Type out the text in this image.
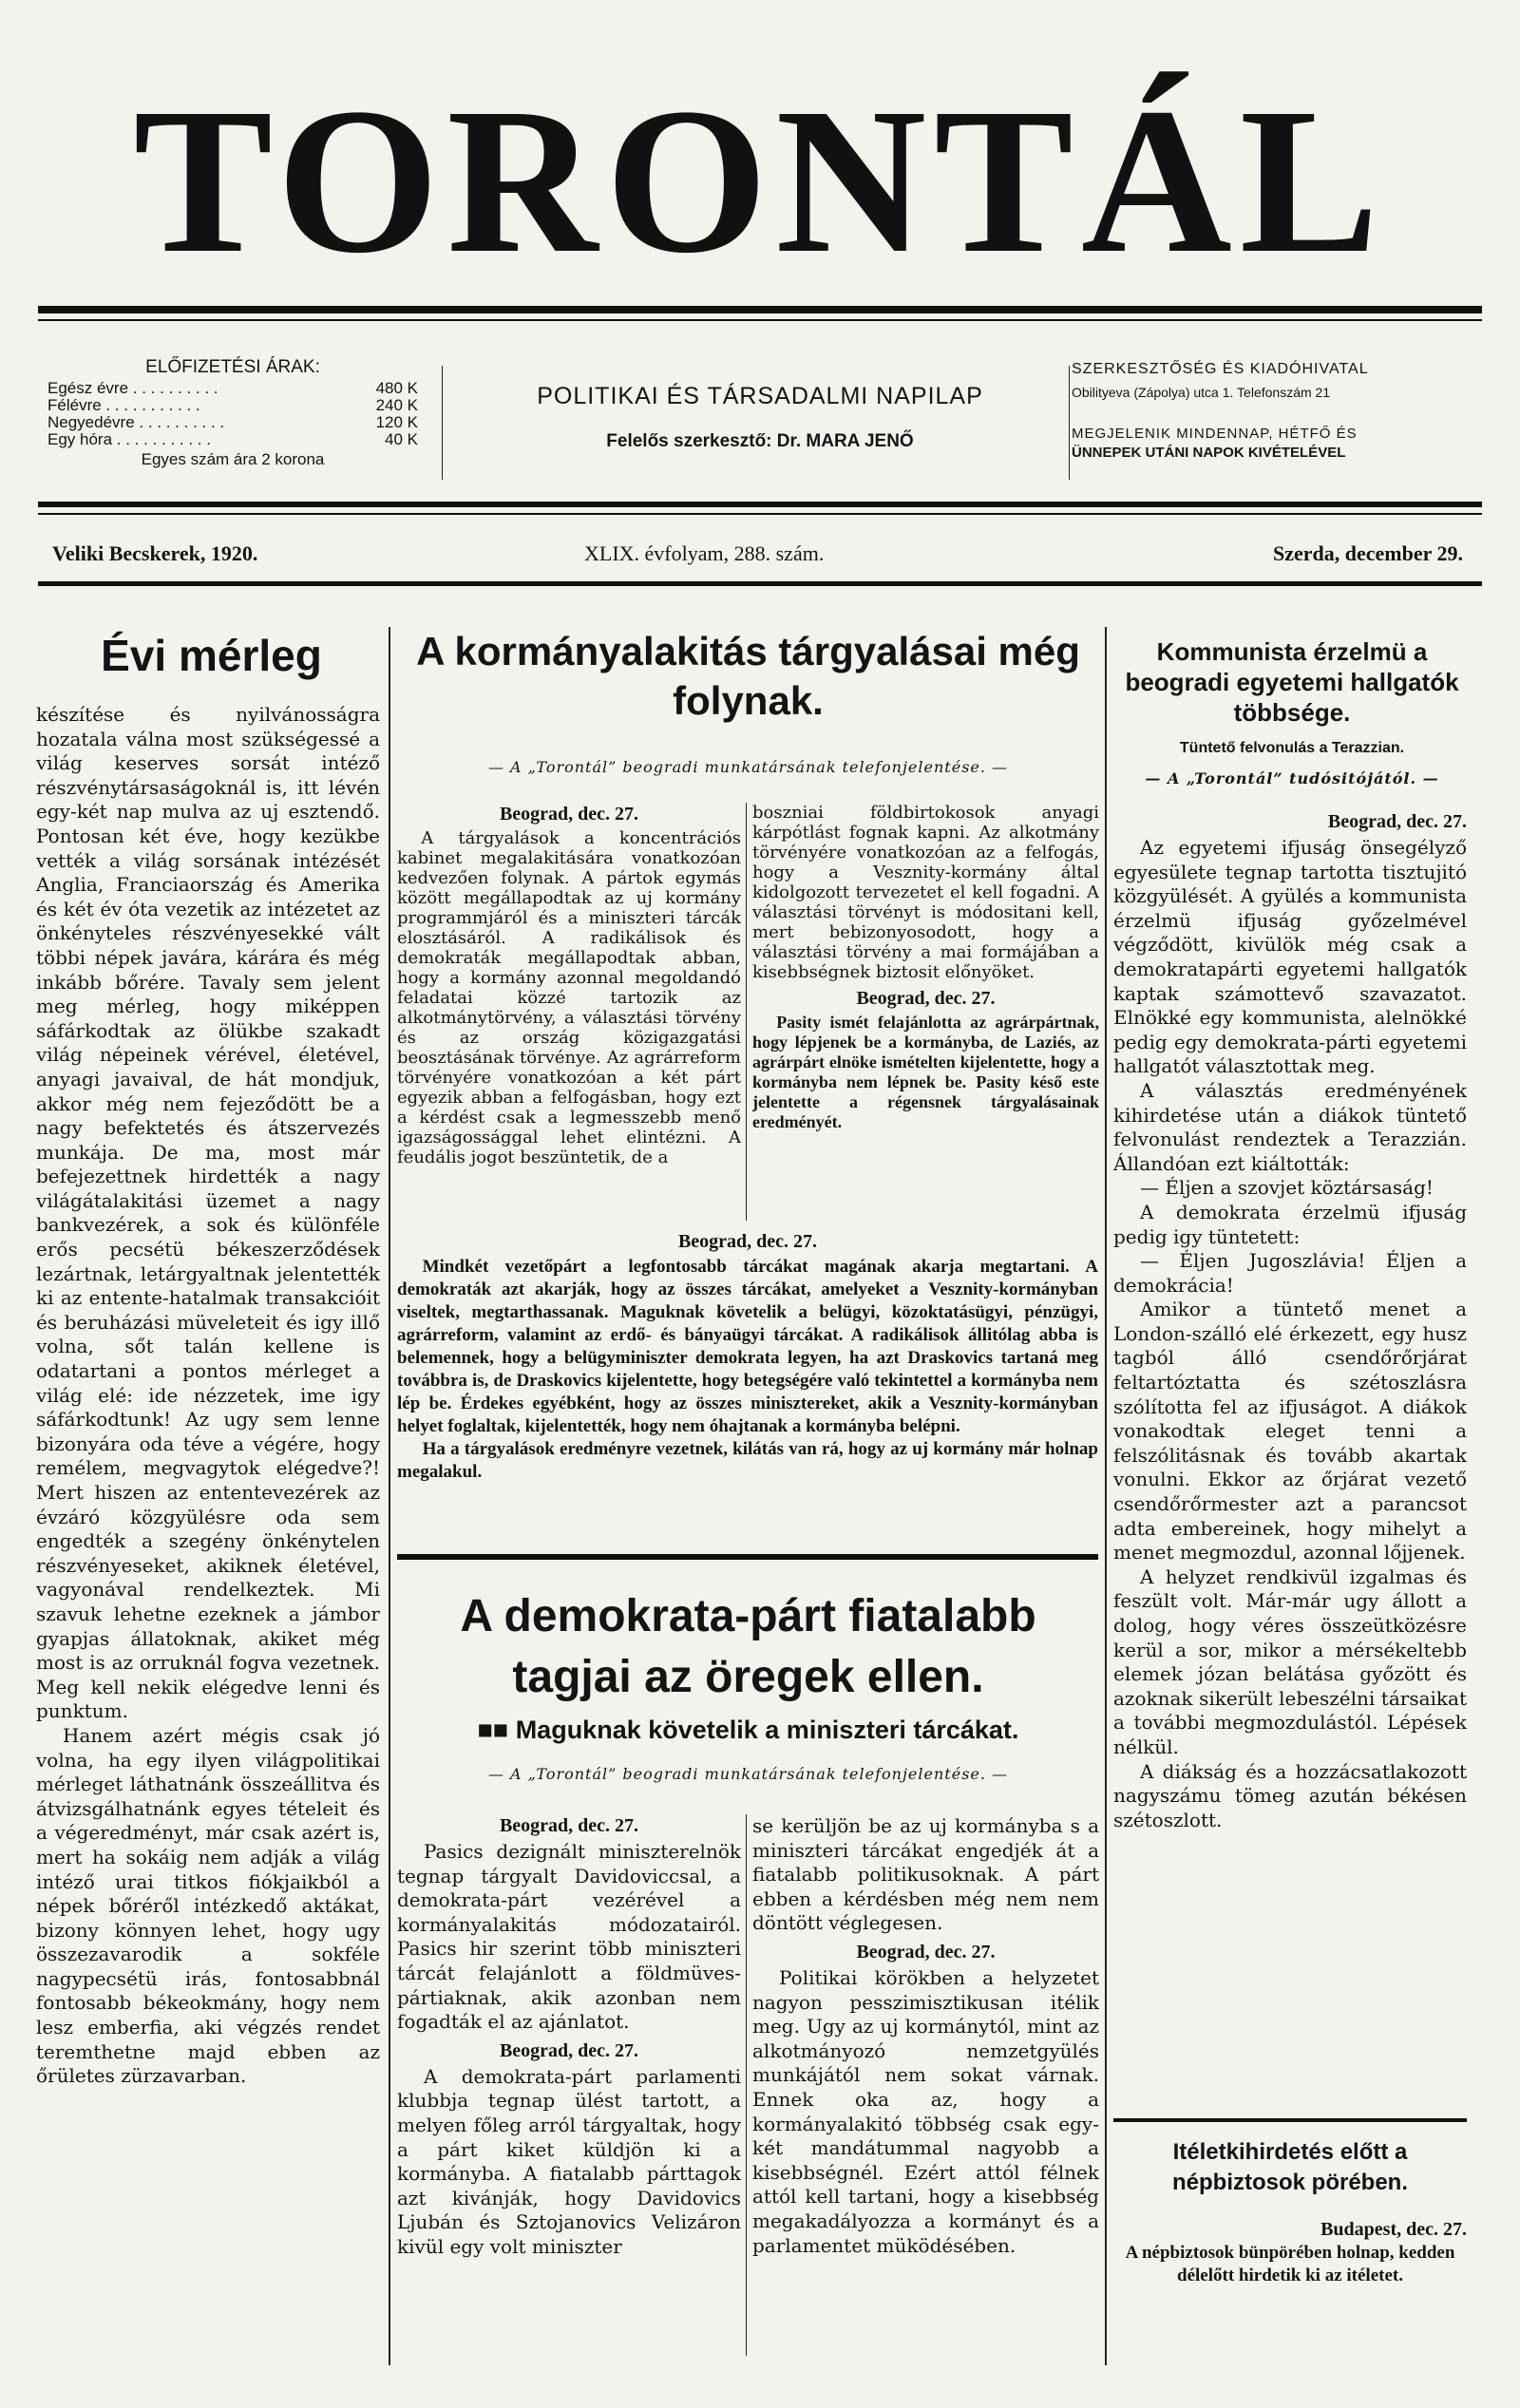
TORONTÁL
ELŐFIZETÉSI ÁRAK:
Egész évre . . . . . . . . . .	480 K
Félévre . . . . . . . . . . .	240 K
Negyedévre . . . . . . . . . .	120 K
Egy hóra . . . . . . . . . . .	40 K
Egyes szám ára 2 korona
POLITIKAI ÉS TÁRSADALMI NAPILAP
Felelős szerkesztő: Dr. MARA JENŐ
SZERKESZTŐSÉG ÉS KIADÓHIVATAL
Obilityeva (Zápolya) utca 1. Telefonszám 21
MEGJELENIK MINDENNAP, HÉTFŐ ÉS
ÜNNEPEK UTÁNI NAPOK KIVÉTELÉVEL
Veliki Becskerek, 1920.	XLIX. évfolyam, 288. szám.	Szerda, december 29.
Évi mérleg

készítése és nyilvánosságra hozatala válna most szükségessé a világ keserves sorsát intéző részvénytársaságoknál is, itt lévén egy-két nap mulva az uj esztendő. Pontosan két éve, hogy kezükbe vették a világ sorsának intézését Anglia, Franciaország és Amerika és két év óta vezetik az intézetet az önkényteles részvényesekké vált többi népek javára, kárára és még inkább bőrére. Tavaly sem jelent meg mérleg, hogy miképpen sáfárkodtak az ölükbe szakadt világ népeinek vérével, életével, anyagi javaival, de hát mondjuk, akkor még nem fejeződött be a nagy befektetés és átszervezés munkája. De ma, most már befejezettnek hirdették a nagy világátalakitási üzemet a nagy bankvezérek, a sok és különféle erős pecsétü békeszerződések lezártnak, letárgyaltnak jelentették ki az entente-hatalmak transakcióit és beruházási müveleteit és igy illő volna, sőt talán kellene is odatartani a pontos mérleget a világ elé: ide nézzetek, ime igy sáfárkodtunk! Az ugy sem lenne bizonyára oda téve a végére, hogy remélem, megvagytok elégedve?! Mert hiszen az ententevezérek az évzáró közgyülésre oda sem engedték a szegény önkénytelen részvényeseket, akiknek életével, vagyonával rendelkeztek. Mi szavuk lehetne ezeknek a jámbor gyapjas állatoknak, akiket még most is az orruknál fogva vezetnek. Meg kell nekik elégedve lenni és punktum.

Hanem azért mégis csak jó volna, ha egy ilyen világpolitikai mérleget láthatnánk összeállitva és átvizsgálhatnánk egyes tételeit és a végeredményt, már csak azért is, mert ha sokáig nem adják a világ intéző urai titkos fiókjaikból a népek bőréről intézkedő aktákat, bizony könnyen lehet, hogy ugy összezavarodik a sokféle nagypecsétü irás, fontosabbnál fontosabb békeokmány, hogy nem lesz emberfia, aki végzés rendet teremthetne majd ebben az őrületes zürzavarban.

A kormányalakitás tárgyalásai még folynak.
— A „Torontál” beogradi munkatársának telefonjelentése. —
Beograd, dec. 27.

A tárgyalások a koncentrációs kabinet megalakitására vonatkozóan kedvezően folynak. A pártok egymás között megállapodtak az uj kormány programmjáról és a miniszteri tárcák elosztásáról. A radikálisok és demokraták megállapodtak abban, hogy a kormány azonnal megoldandó feladatai közzé tartozik az alkotmánytörvény, a választási törvény és az ország közigazgatási beosztásának törvénye. Az agrárreform törvényére vonatkozóan a két párt egyezik abban a felfogásban, hogy ezt a kérdést csak a legmesszebb menő igazságossággal lehet elintézni. A feudális jogot beszüntetik, de a

boszniai földbirtokosok anyagi kárpótlást fognak kapni. Az alkotmány törvényére vonatkozóan az a felfogás, hogy a Vesznity-kormány által kidolgozott tervezetet el kell fogadni. A választási törvényt is módositani kell, mert bebizonyosodott, hogy a választási törvény a mai formájában a kisebbségnek biztosit előnyöket.

Beograd, dec. 27.

Pasity ismét felajánlotta az agrárpártnak, hogy lépjenek be a kormányba, de Laziés, az agrárpárt elnöke ismételten kijelentette, hogy a kormányba nem lépnek be. Pasity késő este jelentette a régensnek tárgyalásainak eredményét.

Beograd, dec. 27.

Mindkét vezetőpárt a legfontosabb tárcákat magának akarja megtartani. A demokraták azt akarják, hogy az összes tárcákat, amelyeket a Vesznity-kormányban viseltek, megtarthassanak. Maguknak követelik a belügyi, közoktatásügyi, pénzügyi, agrárreform, valamint az erdő- és bányaügyi tárcákat. A radikálisok állitólag abba is belemennek, hogy a belügyminiszter demokrata legyen, ha azt Draskovics tartaná meg továbbra is, de Draskovics kijelentette, hogy betegségére való tekintettel a kormányba nem lép be. Érdekes egyébként, hogy az összes minisztereket, akik a Vesznity-kormányban helyet foglaltak, kijelentették, hogy nem óhajtanak a kormányba belépni.

Ha a tárgyalások eredményre vezetnek, kilátás van rá, hogy az uj kormány már holnap megalakul.

A demokrata-párt fiatalabb tagjai az öregek ellen.
■■ Maguknak követelik a miniszteri tárcákat.
— A „Torontál” beogradi munkatársának telefonjelentése. —
Beograd, dec. 27.

Pasics dezignált miniszterelnök tegnap tárgyalt Davidoviccsal, a demokrata-párt vezérével a kormányalakitás módozatairól. Pasics hir szerint több miniszteri tárcát felajánlott a földmüves-pártiaknak, akik azonban nem fogadták el az ajánlatot.

Beograd, dec. 27.

A demokrata-párt parlamenti klubbja tegnap ülést tartott, a melyen főleg arról tárgyaltak, hogy a párt kiket küldjön ki a kormányba. A fiatalabb párttagok azt kivánják, hogy Davidovics Ljubán és Sztojanovics Velizáron kivül egy volt miniszter

se kerüljön be az uj kormányba s a miniszteri tárcákat engedjék át a fiatalabb politikusoknak. A párt ebben a kérdésben még nem nem döntött véglegesen.

Beograd, dec. 27.

Politikai körökben a helyzetet nagyon pesszimisztikusan itélik meg. Ugy az uj kormánytól, mint az alkotmányozó nemzetgyülés munkájától nem sokat várnak. Ennek oka az, hogy a kormányalakitó többség csak egy-két mandátummal nagyobb a kisebbségnél. Ezért attól félnek attól kell tartani, hogy a kisebbség megakadályozza a kormányt és a parlamentet müködésében.

Kommunista érzelmü a beogradi egyetemi hallgatók többsége.
Tüntető felvonulás a Terazzian.
— A „Torontál” tudósitójától. —
Beograd, dec. 27.

Az egyetemi ifjuság önsegélyző egyesülete tegnap tartotta tisztujitó közgyülését. A gyülés a kommunista érzelmü ifjuság győzelmével végződött, kivülök még csak a demokratapárti egyetemi hallgatók kaptak számottevő szavazatot. Elnökké egy kommunista, alelnökké pedig egy demokrata-párti egyetemi hallgatót választottak meg.

A választás eredményének kihirdetése után a diákok tüntető felvonulást rendeztek a Terazzián. Állandóan ezt kiáltották:

— Éljen a szovjet köztársaság!

A demokrata érzelmü ifjuság pedig igy tüntetett:

— Éljen Jugoszlávia! Éljen a demokrácia!

Amikor a tüntető menet a London-szálló elé érkezett, egy husz tagból álló csendőrőrjárat feltartóztatta és szétoszlásra szólította fel az ifjuságot. A diákok vonakodtak eleget tenni a felszólitásnak és tovább akartak vonulni. Ekkor az őrjárat vezető csendőrőrmester azt a parancsot adta embereinek, hogy mihelyt a menet megmozdul, azonnal lőjjenek.

A helyzet rendkivül izgalmas és feszült volt. Már-már ugy állott a dolog, hogy véres összeütközésre kerül a sor, mikor a mérsékeltebb elemek józan belátása győzött és azoknak sikerült lebeszélni társaikat a további megmozdulástól. Lépések nélkül.

A diákság és a hozzácsatlakozott nagyszámu tömeg azután békésen szétoszlott.

Itéletkihirdetés előtt a népbiztosok pörében.
Budapest, dec. 27.
A népbiztosok bünpörében holnap, kedden délelőtt hirdetik ki az itéletet.
